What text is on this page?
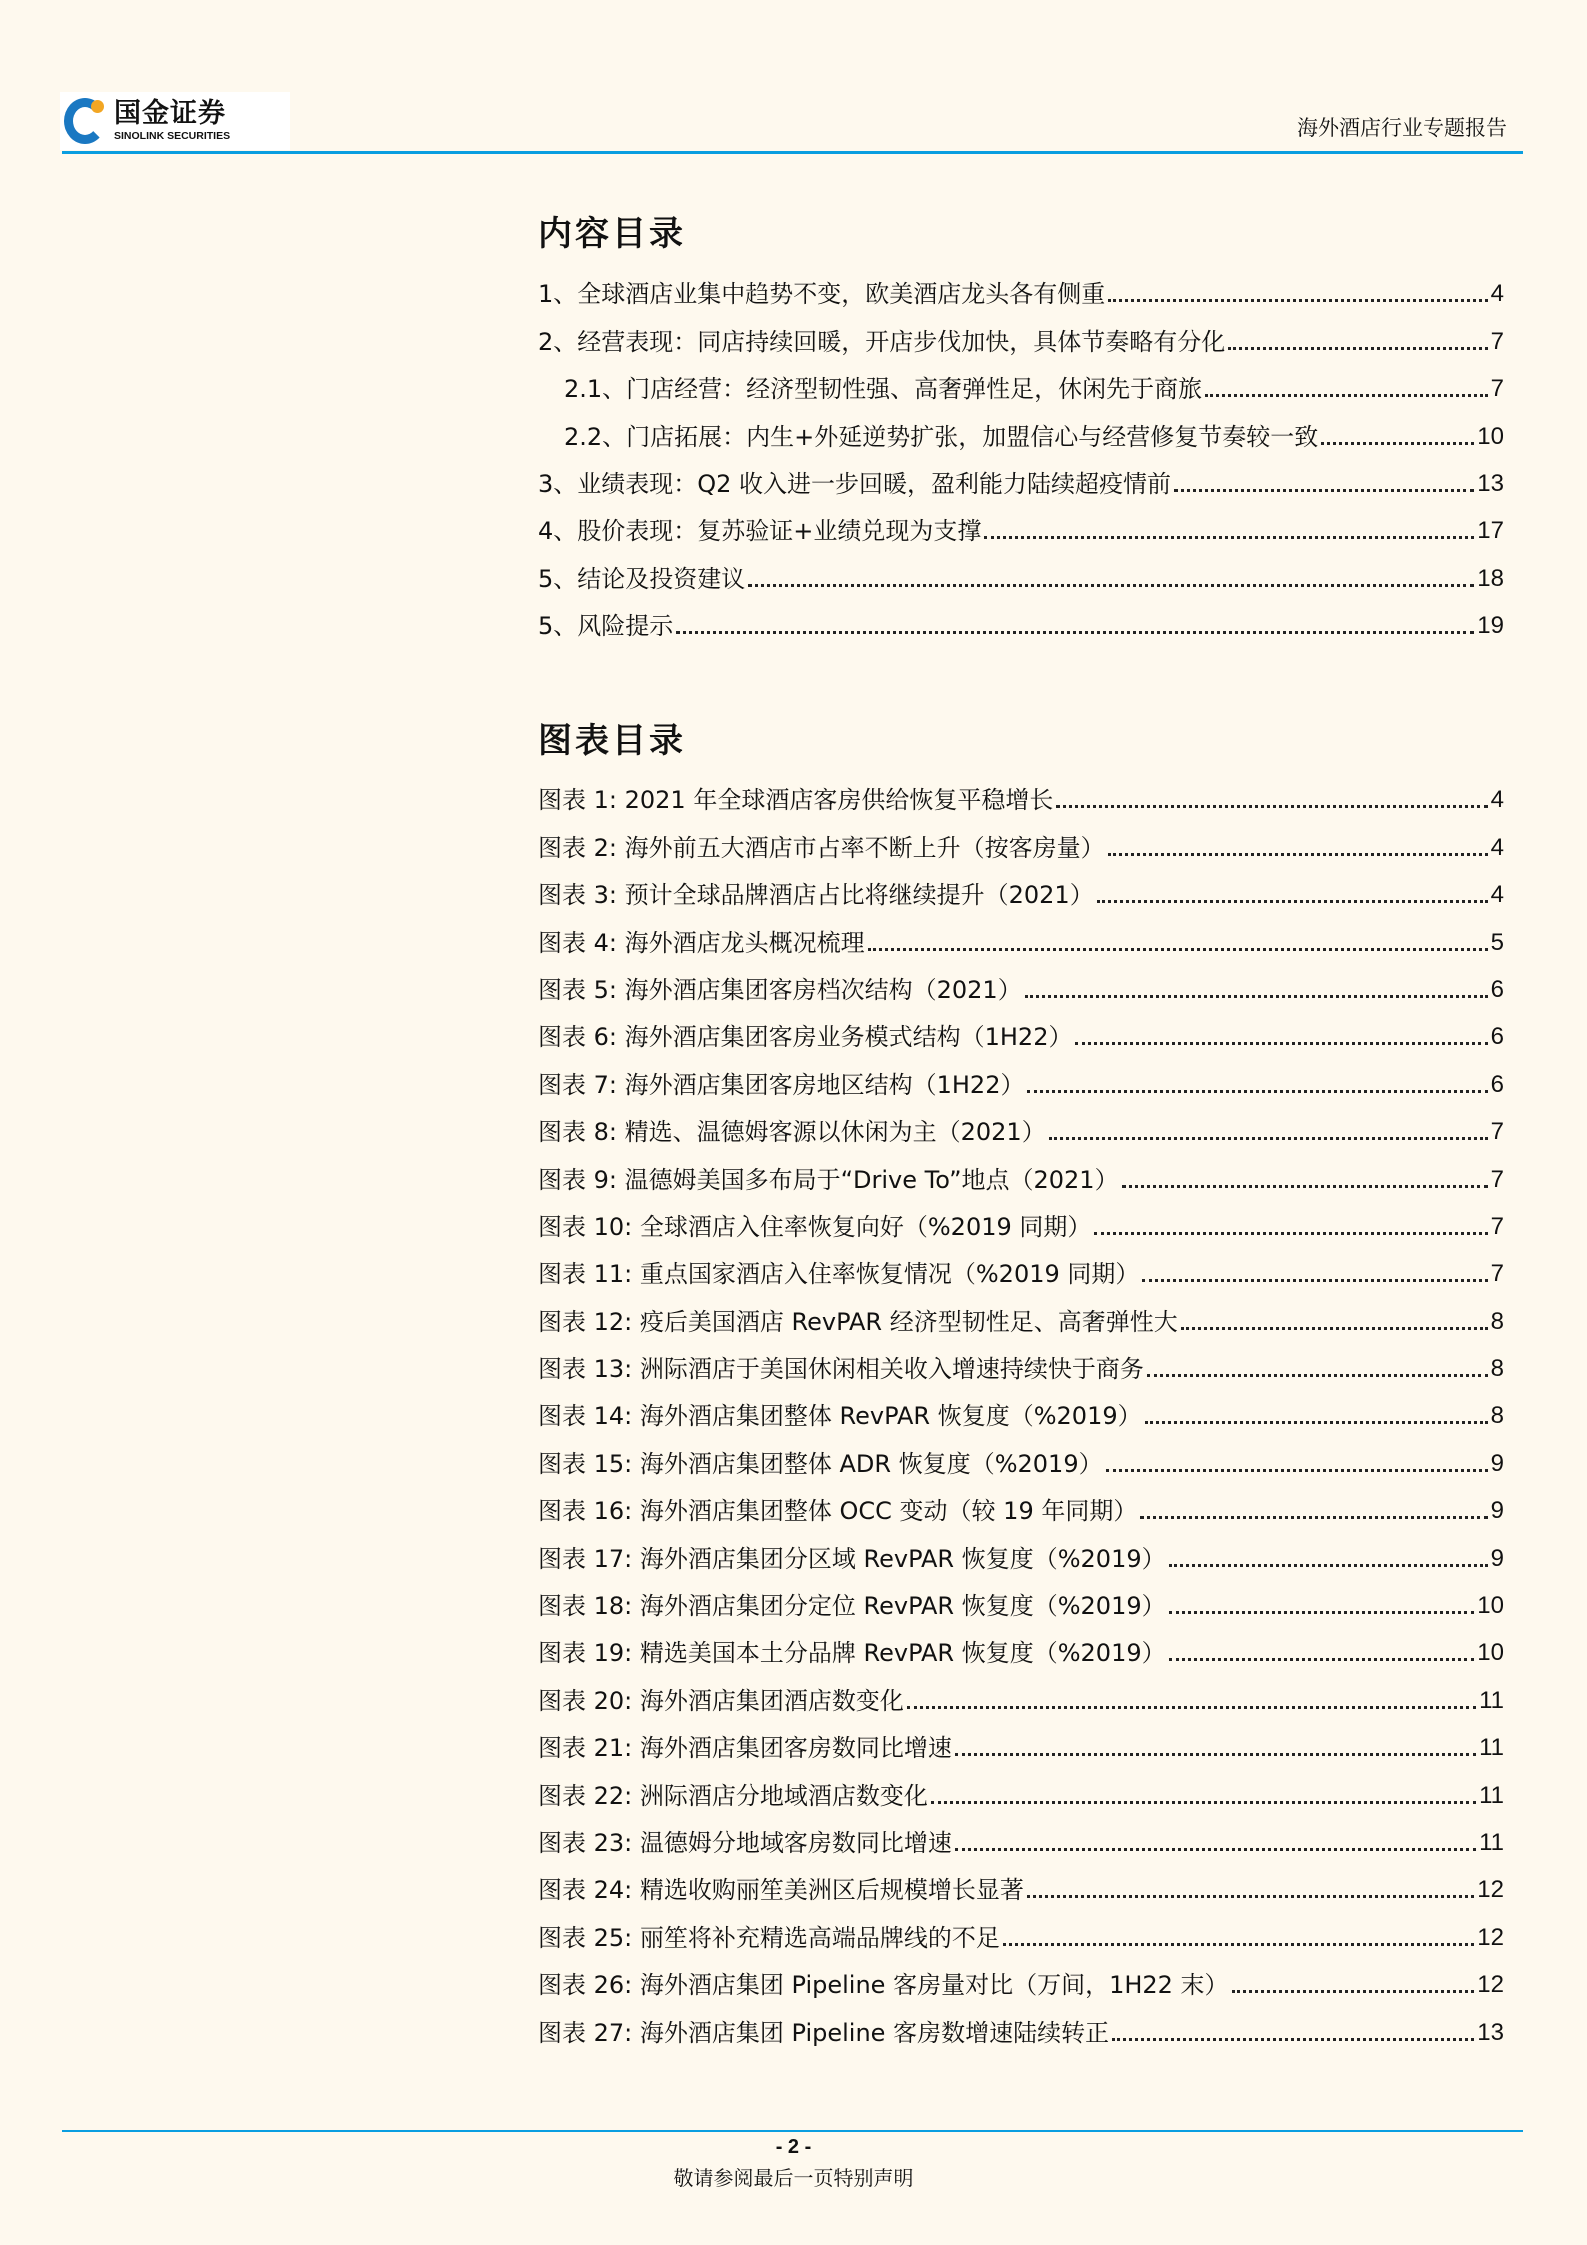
国金证券
SINOLINK SECURITIES	海外酒店行业专题报告
内容目录
1、全球酒店业集中趋势不变，欧美酒店龙头各有侧重	4
2、经营表现：同店持续回暖，开店步伐加快，具体节奏略有分化	7
2.1、门店经营：经济型韧性强、高奢弹性足，休闲先于商旅	7
2.2、门店拓展：内生+外延逆势扩张，加盟信心与经营修复节奏较一致	10
3、业绩表现：Q2 收入进一步回暖，盈利能力陆续超疫情前	13
4、股价表现：复苏验证+业绩兑现为支撑	17
5、结论及投资建议	18
5、风险提示	19
图表目录
图表 1: 2021 年全球酒店客房供给恢复平稳增长	4
图表 2: 海外前五大酒店市占率不断上升（按客房量）	4
图表 3: 预计全球品牌酒店占比将继续提升（2021）	4
图表 4: 海外酒店龙头概况梳理	5
图表 5: 海外酒店集团客房档次结构（2021）	6
图表 6: 海外酒店集团客房业务模式结构（1H22）	6
图表 7: 海外酒店集团客房地区结构（1H22）	6
图表 8: 精选、温德姆客源以休闲为主（2021）	7
图表 9: 温德姆美国多布局于“Drive To”地点（2021）	7
图表 10: 全球酒店入住率恢复向好（%2019 同期）	7
图表 11: 重点国家酒店入住率恢复情况（%2019 同期）	7
图表 12: 疫后美国酒店 RevPAR 经济型韧性足、高奢弹性大	8
图表 13: 洲际酒店于美国休闲相关收入增速持续快于商务	8
图表 14: 海外酒店集团整体 RevPAR 恢复度（%2019）	8
图表 15: 海外酒店集团整体 ADR 恢复度（%2019）	9
图表 16: 海外酒店集团整体 OCC 变动（较 19 年同期）	9
图表 17: 海外酒店集团分区域 RevPAR 恢复度（%2019）	9
图表 18: 海外酒店集团分定位 RevPAR 恢复度（%2019）	10
图表 19: 精选美国本土分品牌 RevPAR 恢复度（%2019）	10
图表 20: 海外酒店集团酒店数变化	11
图表 21: 海外酒店集团客房数同比增速	11
图表 22: 洲际酒店分地域酒店数变化	11
图表 23: 温德姆分地域客房数同比增速	11
图表 24: 精选收购丽笙美洲区后规模增长显著	12
图表 25: 丽笙将补充精选高端品牌线的不足	12
图表 26: 海外酒店集团 Pipeline 客房量对比（万间，1H22 末）	12
图表 27: 海外酒店集团 Pipeline 客房数增速陆续转正	13
- 2 -
敬请参阅最后一页特别声明
